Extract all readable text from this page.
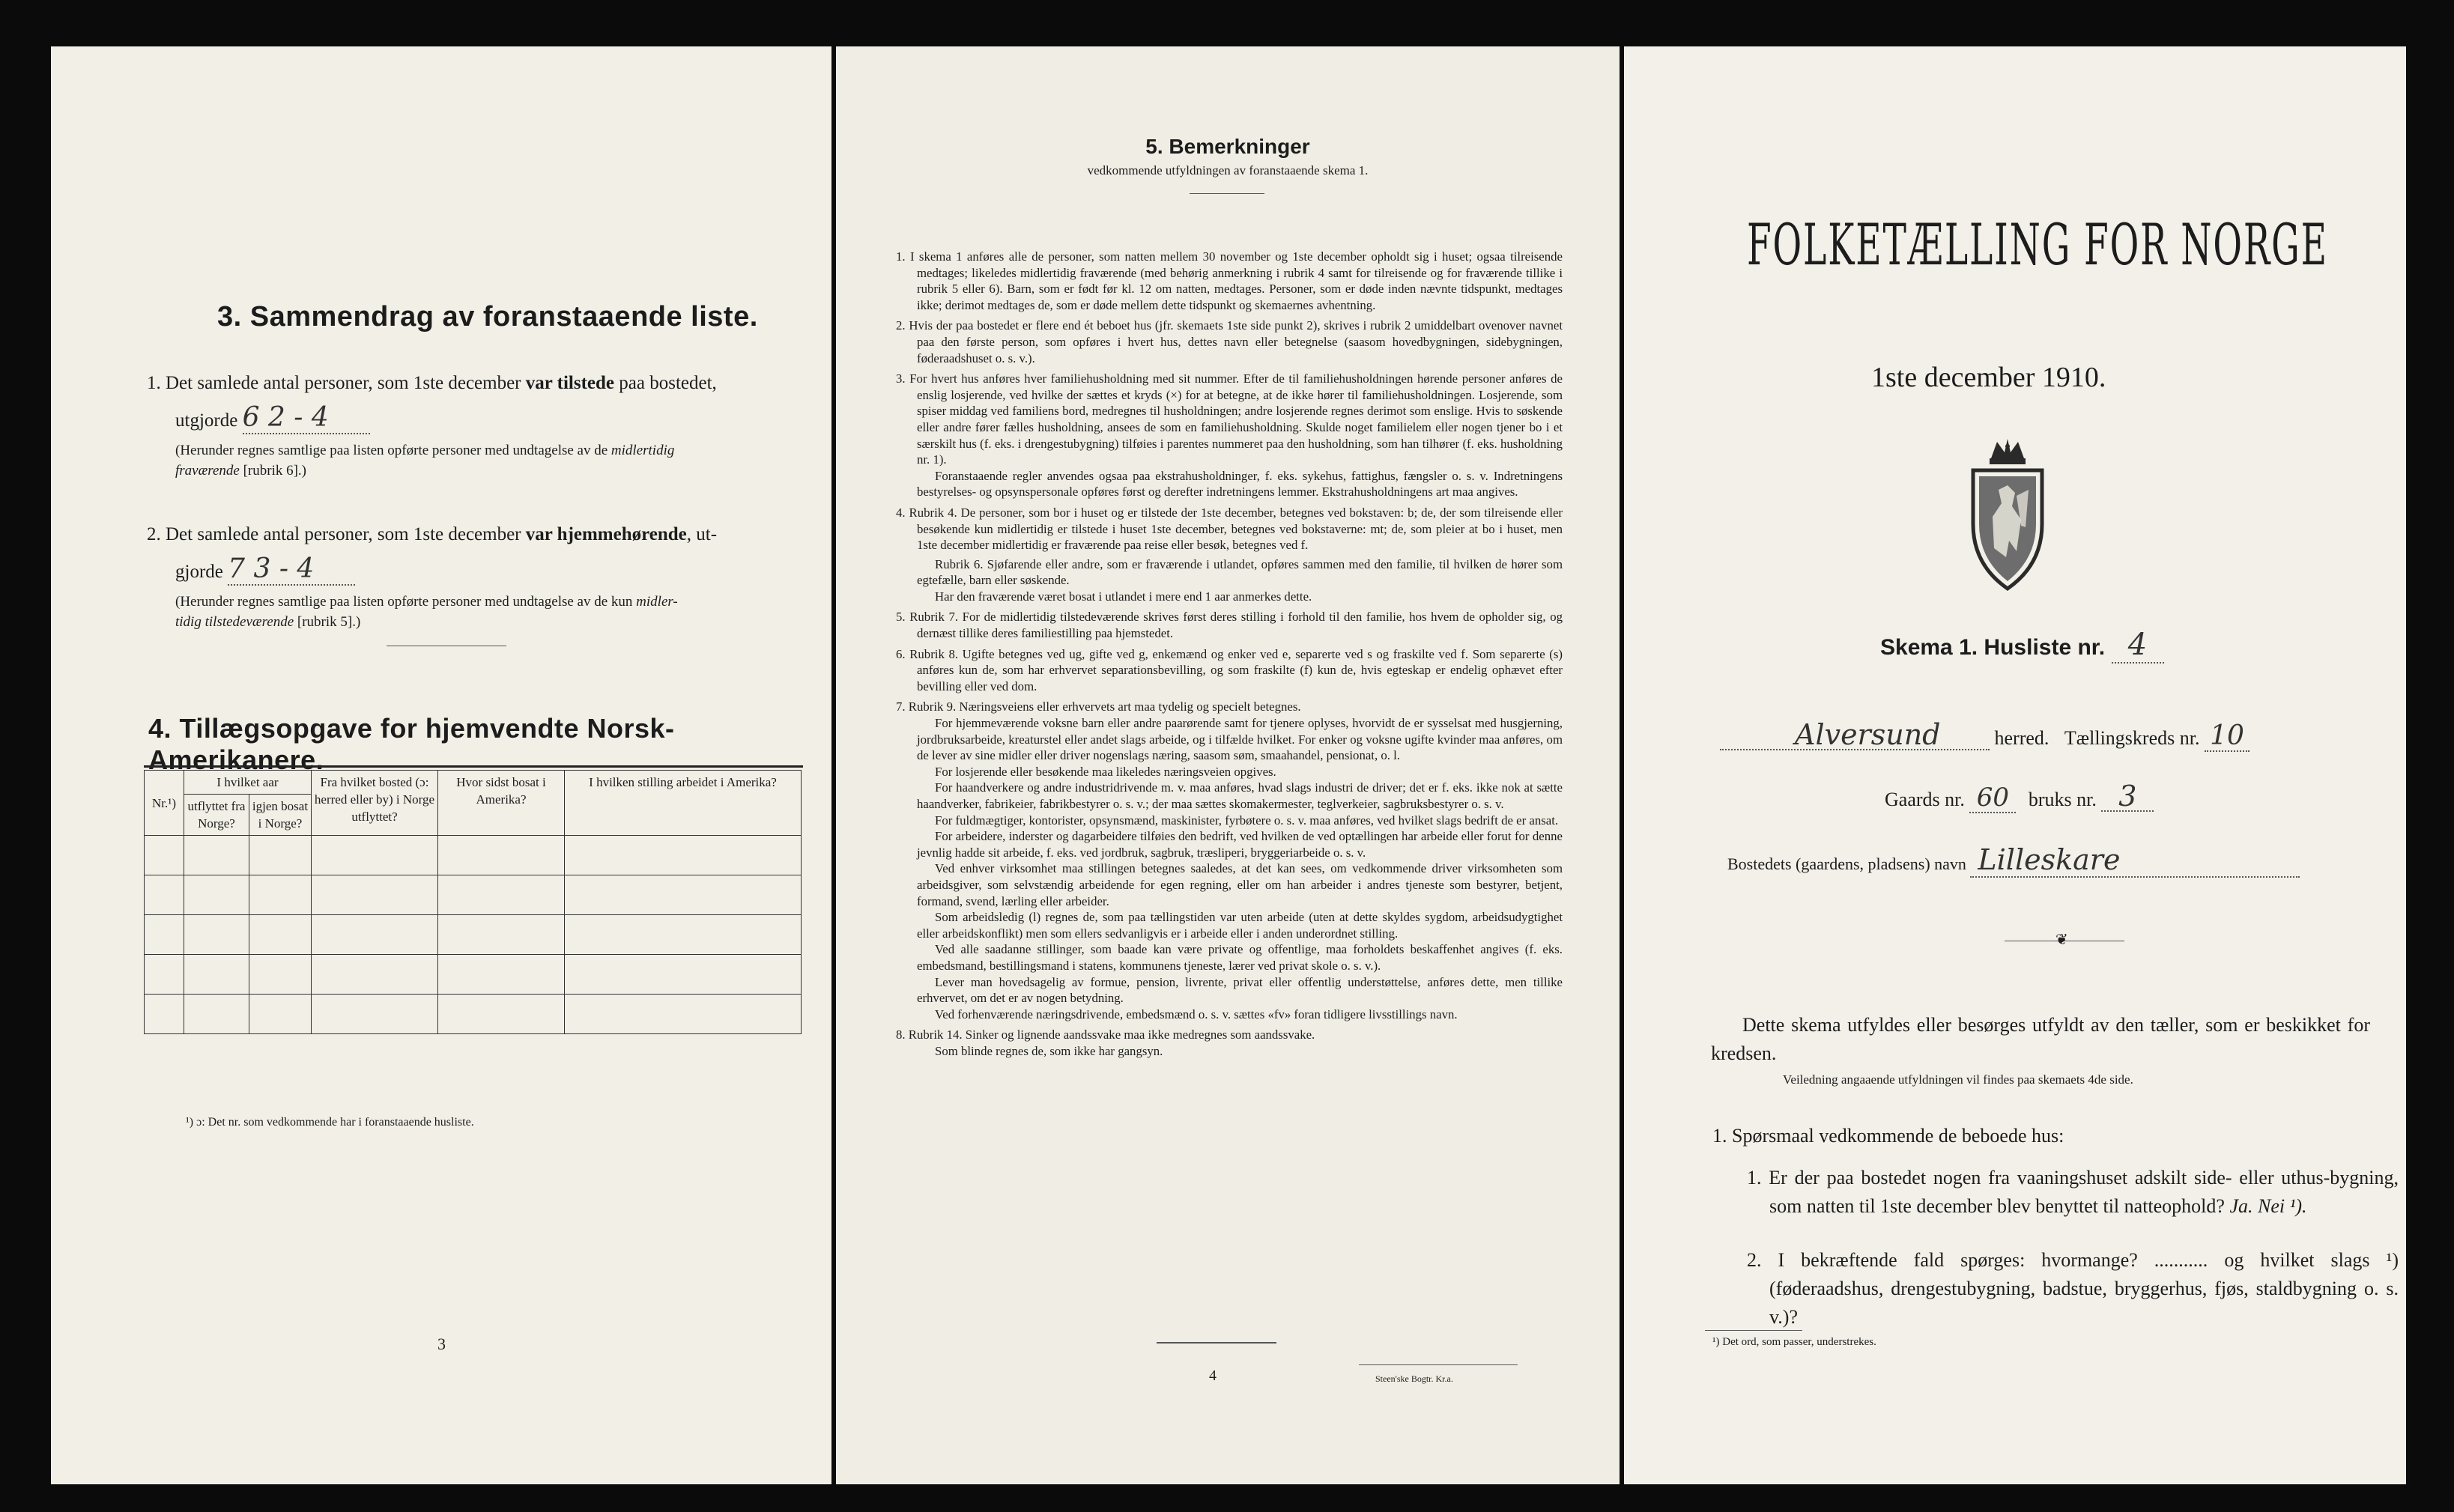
3. Sammendrag av foranstaaende liste.
1. Det samlede antal personer, som 1ste december var tilstede paa bostedet,
utgjorde 6 2 - 4
(Herunder regnes samtlige paa listen opførte personer med undtagelse av de midlertidig
fraværende [rubrik 6].)
2. Det samlede antal personer, som 1ste december var hjemmehørende, ut-
gjorde 7 3 - 4
(Herunder regnes samtlige paa listen opførte personer med undtagelse av de kun midler-
tidig tilstedeværende [rubrik 5].)
4. Tillægsopgave for hjemvendte Norsk-Amerikanere.
Nr.¹)	I hvilket aar		Fra hvilket bosted (ɔ: herred eller by) i Norge utflyttet?	Hvor sidst bosat i Amerika?	I hvilken stilling arbeidet i Amerika?
	utflyttet fra Norge?	igjen bosat i Norge?			

¹) ɔ: Det nr. som vedkommende har i foranstaaende husliste.
3
5. Bemerkninger
vedkommende utfyldningen av foranstaaende skema 1.

1. I skema 1 anføres alle de personer, som natten mellem 30 november og 1ste december opholdt sig i huset; ogsaa tilreisende medtages; likeledes midlertidig fraværende (med behørig anmerkning i rubrik 4 samt for tilreisende og for fraværende tillike i rubrik 5 eller 6). Barn, som er født før kl. 12 om natten, medtages. Personer, som er døde inden nævnte tidspunkt, medtages ikke; derimot medtages de, som er døde mellem dette tidspunkt og skemaernes avhentning.

2. Hvis der paa bostedet er flere end ét beboet hus (jfr. skemaets 1ste side punkt 2), skrives i rubrik 2 umiddelbart ovenover navnet paa den første person, som opføres i hvert hus, dettes navn eller betegnelse (saasom hovedbygningen, sidebygningen, føderaadshuset o. s. v.).

3. For hvert hus anføres hver familiehusholdning med sit nummer. Efter de til familiehusholdningen hørende personer anføres de enslig losjerende, ved hvilke der sættes et kryds (×) for at betegne, at de ikke hører til familiehusholdningen. Losjerende, som spiser middag ved familiens bord, medregnes til husholdningen; andre losjerende regnes derimot som enslige. Hvis to søskende eller andre fører fælles husholdning, ansees de som en familiehusholdning. Skulde noget familielem eller nogen tjener bo i et særskilt hus (f. eks. i drengestubygning) tilføies i parentes nummeret paa den husholdning, som han tilhører (f. eks. husholdning nr. 1).

Foranstaaende regler anvendes ogsaa paa ekstrahusholdninger, f. eks. sykehus, fattighus, fængsler o. s. v. Indretningens bestyrelses- og opsynspersonale opføres først og derefter indretningens lemmer. Ekstrahusholdningens art maa angives.

4. Rubrik 4. De personer, som bor i huset og er tilstede der 1ste december, betegnes ved bokstaven: b; de, der som tilreisende eller besøkende kun midlertidig er tilstede i huset 1ste december, betegnes ved bokstaverne: mt; de, som pleier at bo i huset, men 1ste december midlertidig er fraværende paa reise eller besøk, betegnes ved f.

Rubrik 6. Sjøfarende eller andre, som er fraværende i utlandet, opføres sammen med den familie, til hvilken de hører som egtefælle, barn eller søskende.

Har den fraværende været bosat i utlandet i mere end 1 aar anmerkes dette.

5. Rubrik 7. For de midlertidig tilstedeværende skrives først deres stilling i forhold til den familie, hos hvem de opholder sig, og dernæst tillike deres familiestilling paa hjemstedet.

6. Rubrik 8. Ugifte betegnes ved ug, gifte ved g, enkemænd og enker ved e, separerte ved s og fraskilte ved f. Som separerte (s) anføres kun de, som har erhvervet separationsbevilling, og som fraskilte (f) kun de, hvis egteskap er endelig ophævet efter bevilling eller ved dom.

7. Rubrik 9. Næringsveiens eller erhvervets art maa tydelig og specielt betegnes.

For hjemmeværende voksne barn eller andre paarørende samt for tjenere oplyses, hvorvidt de er sysselsat med husgjerning, jordbruksarbeide, kreaturstel eller andet slags arbeide, og i tilfælde hvilket. For enker og voksne ugifte kvinder maa anføres, om de lever av sine midler eller driver nogenslags næring, saasom søm, smaahandel, pensionat, o. l.

For losjerende eller besøkende maa likeledes næringsveien opgives.

For haandverkere og andre industridrivende m. v. maa anføres, hvad slags industri de driver; det er f. eks. ikke nok at sætte haandverker, fabrikeier, fabrikbestyrer o. s. v.; der maa sættes skomakermester, teglverkeier, sagbruksbestyrer o. s. v.

For fuldmægtiger, kontorister, opsynsmænd, maskinister, fyrbøtere o. s. v. maa anføres, ved hvilket slags bedrift de er ansat.

For arbeidere, inderster og dagarbeidere tilføies den bedrift, ved hvilken de ved optællingen har arbeide eller forut for denne jevnlig hadde sit arbeide, f. eks. ved jordbruk, sagbruk, træsliperi, bryggeriarbeide o. s. v.

Ved enhver virksomhet maa stillingen betegnes saaledes, at det kan sees, om vedkommende driver virksomheten som arbeidsgiver, som selvstændig arbeidende for egen regning, eller om han arbeider i andres tjeneste som bestyrer, betjent, formand, svend, lærling eller arbeider.

Som arbeidsledig (l) regnes de, som paa tællingstiden var uten arbeide (uten at dette skyldes sygdom, arbeidsudygtighet eller arbeidskonflikt) men som ellers sedvanligvis er i arbeide eller i anden underordnet stilling.

Ved alle saadanne stillinger, som baade kan være private og offentlige, maa forholdets beskaffenhet angives (f. eks. embedsmand, bestillingsmand i statens, kommunens tjeneste, lærer ved privat skole o. s. v.).

Lever man hovedsagelig av formue, pension, livrente, privat eller offentlig understøttelse, anføres dette, men tillike erhvervet, om det er av nogen betydning.

Ved forhenværende næringsdrivende, embedsmænd o. s. v. sættes «fv» foran tidligere livsstillings navn.

8. Rubrik 14. Sinker og lignende aandssvake maa ikke medregnes som aandssvake.

Som blinde regnes de, som ikke har gangsyn.

4	Steen'ske Bogtr. Kr.a.
FOLKETÆLLING FOR NORGE
1ste december 1910.
Skema 1. Husliste nr. 4
Alversund	herred. Tællingskreds nr. 10
Gaards nr. 60 bruks nr. 3
Bostedets (gaardens, pladsens) navn Lilleskare
❦
Dette skema utfyldes eller besørges utfyldt av den tæller, som er beskikket for kredsen.
Veiledning angaaende utfyldningen vil findes paa skemaets 4de side.
1. Spørsmaal vedkommende de beboede hus:
1. Er der paa bostedet nogen fra vaaningshuset adskilt side- eller uthus-bygning, som natten til 1ste december blev benyttet til natteophold? Ja. Nei ¹).
2. I bekræftende fald spørges: hvormange? ........... og hvilket slags ¹) (føderaadshus, drengestubygning, badstue, bryggerhus, fjøs, staldbygning o. s. v.)?
¹) Det ord, som passer, understrekes.
